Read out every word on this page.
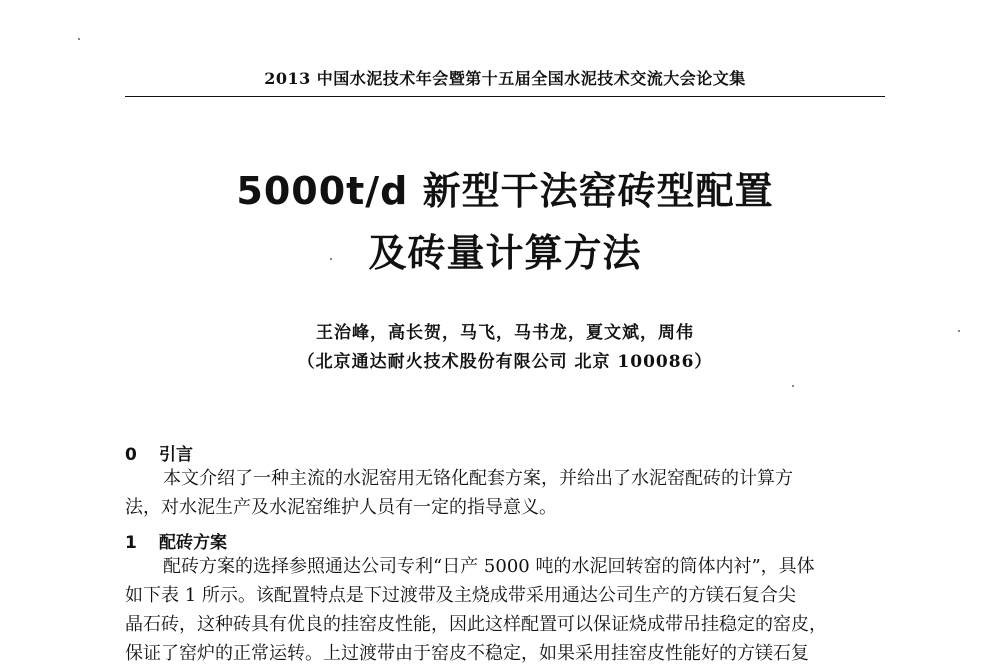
2013 中国水泥技术年会暨第十五届全国水泥技术交流大会论文集
5000t/d 新型干法窑砖型配置
及砖量计算方法
王治峰，高长贺，马飞，马书龙，夏文斌，周伟
（北京通达耐火技术股份有限公司 北京 100086）
0 引言
本文介绍了一种主流的水泥窑用无铬化配套方案，并给出了水泥窑配砖的计算方
法，对水泥生产及水泥窑维护人员有一定的指导意义。
1 配砖方案
配砖方案的选择参照通达公司专利“日产 5000 吨的水泥回转窑的筒体内衬”，具体
如下表 1 所示。该配置特点是下过渡带及主烧成带采用通达公司生产的方镁石复合尖
晶石砖，这种砖具有优良的挂窑皮性能，因此这样配置可以保证烧成带吊挂稳定的窑皮，
保证了窑炉的正常运转。上过渡带由于窑皮不稳定，如果采用挂窑皮性能好的方镁石复
